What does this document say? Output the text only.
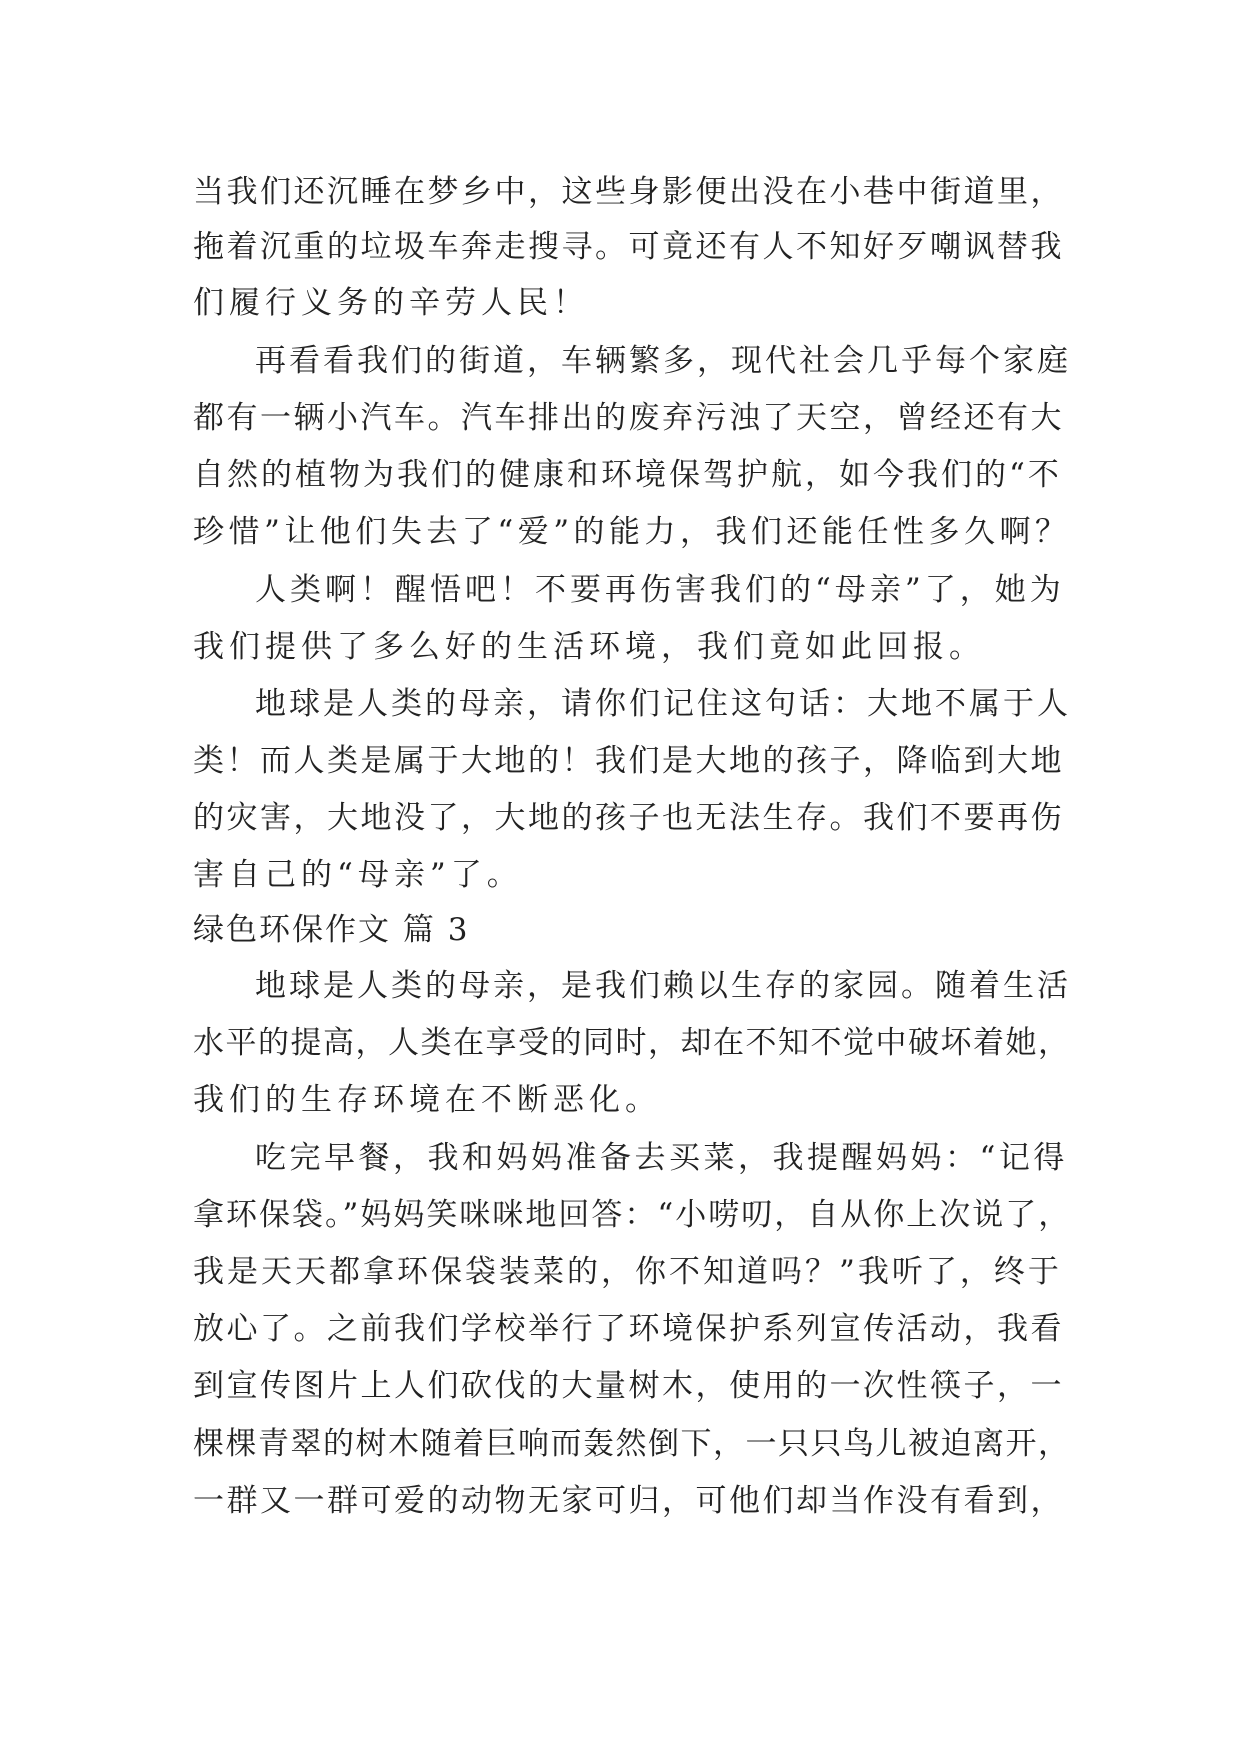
当我们还沉睡在梦乡中，这些身影便出没在小巷中街道里，
拖着沉重的垃圾车奔走搜寻。可竟还有人不知好歹嘲讽替我
们履行义务的辛劳人民！
再看看我们的街道，车辆繁多，现代社会几乎每个家庭
都有一辆小汽车。汽车排出的废弃污浊了天空，曾经还有大
自然的植物为我们的健康和环境保驾护航，如今我们的“不
珍惜”让他们失去了“爱”的能力，我们还能任性多久啊？
人类啊！醒悟吧！不要再伤害我们的“母亲”了，她为
我们提供了多么好的生活环境，我们竟如此回报。
地球是人类的母亲，请你们记住这句话：大地不属于人
类！而人类是属于大地的！我们是大地的孩子，降临到大地
的灾害，大地没了，大地的孩子也无法生存。我们不要再伤
害自己的“母亲”了。
绿色环保作文 篇 3
地球是人类的母亲，是我们赖以生存的家园。随着生活
水平的提高，人类在享受的同时，却在不知不觉中破坏着她，
我们的生存环境在不断恶化。
吃完早餐，我和妈妈准备去买菜，我提醒妈妈：“记得
拿环保袋。”妈妈笑咪咪地回答：“小唠叨，自从你上次说了，
我是天天都拿环保袋装菜的，你不知道吗？”我听了，终于
放心了。之前我们学校举行了环境保护系列宣传活动，我看
到宣传图片上人们砍伐的大量树木，使用的一次性筷子，一
棵棵青翠的树木随着巨响而轰然倒下，一只只鸟儿被迫离开，
一群又一群可爱的动物无家可归，可他们却当作没有看到，
